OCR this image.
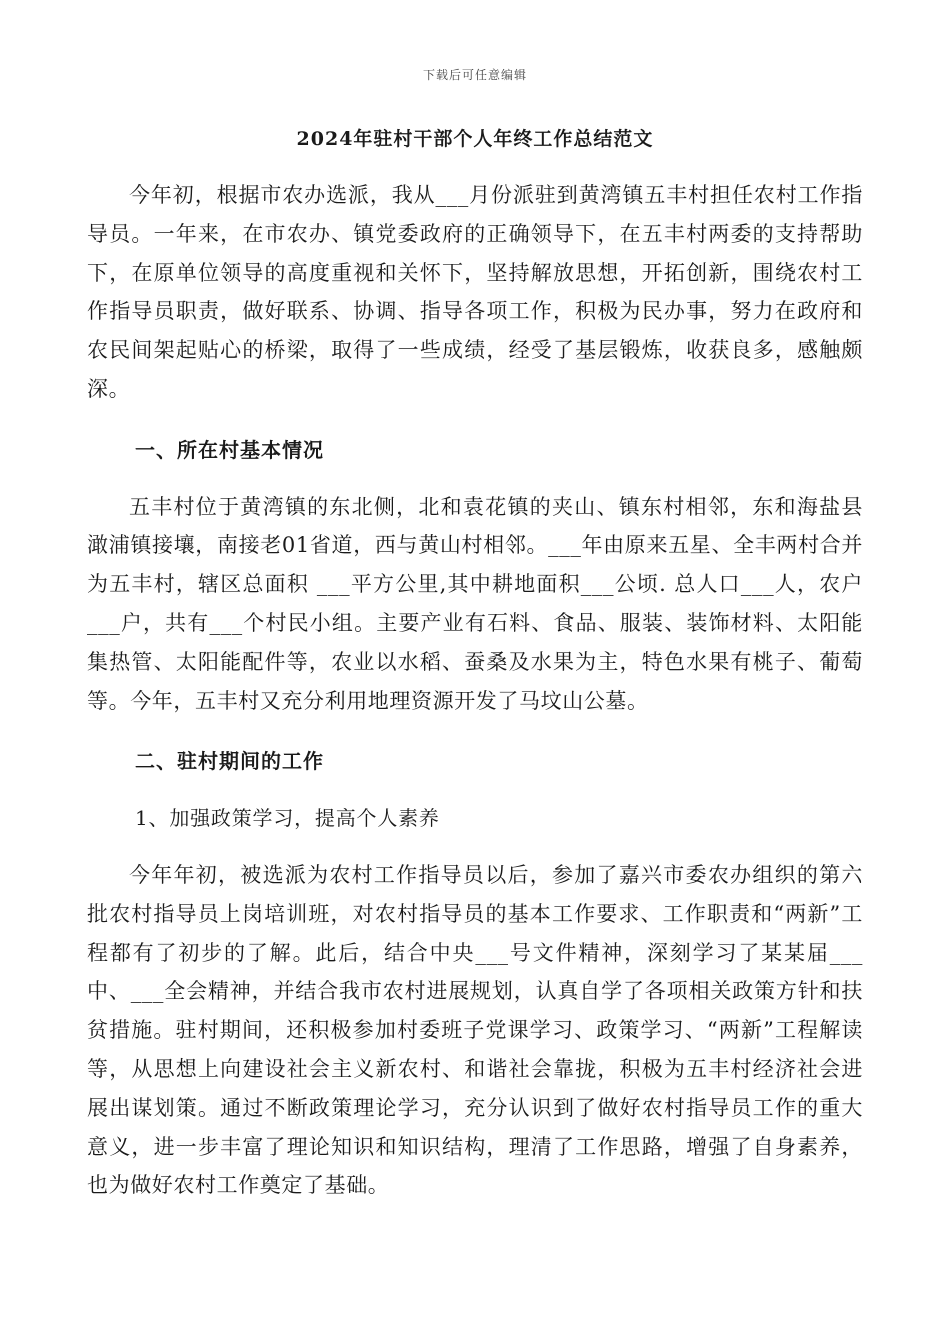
下载后可任意编辑
2024年驻村干部个人年终工作总结范文

今年初，根据市农办选派，我从___月份派驻到黄湾镇五丰村担任农村工作指导员。一年来，在市农办、镇党委政府的正确领导下，在五丰村两委的支持帮助下，在原单位领导的高度重视和关怀下，坚持解放思想，开拓创新，围绕农村工作指导员职责，做好联系、协调、指导各项工作，积极为民办事，努力在政府和农民间架起贴心的桥梁，取得了一些成绩，经受了基层锻炼，收获良多，感触颇深。

一、所在村基本情况

五丰村位于黄湾镇的东北侧，北和袁花镇的夹山、镇东村相邻，东和海盐县澉浦镇接壤，南接老01省道，西与黄山村相邻。___年由原来五星、全丰两村合并为五丰村，辖区总面积 ___平方公里,其中耕地面积___公顷. 总人口___人，农户___户，共有___个村民小组。主要产业有石料、食品、服装、装饰材料、太阳能集热管、太阳能配件等，农业以水稻、蚕桑及水果为主，特色水果有桃子、葡萄等。今年，五丰村又充分利用地理资源开发了马坟山公墓。

二、驻村期间的工作

1、加强政策学习，提高个人素养

今年年初，被选派为农村工作指导员以后，参加了嘉兴市委农办组织的第六批农村指导员上岗培训班，对农村指导员的基本工作要求、工作职责和“两新”工程都有了初步的了解。此后，结合中央___号文件精神，深刻学习了某某届___中、___全会精神，并结合我市农村进展规划，认真自学了各项相关政策方针和扶贫措施。驻村期间，还积极参加村委班子党课学习、政策学习、“两新”工程解读等，从思想上向建设社会主义新农村、和谐社会靠拢，积极为五丰村经济社会进展出谋划策。通过不断政策理论学习，充分认识到了做好农村指导员工作的重大意义，进一步丰富了理论知识和知识结构，理清了工作思路，增强了自身素养，也为做好农村工作奠定了基础。
